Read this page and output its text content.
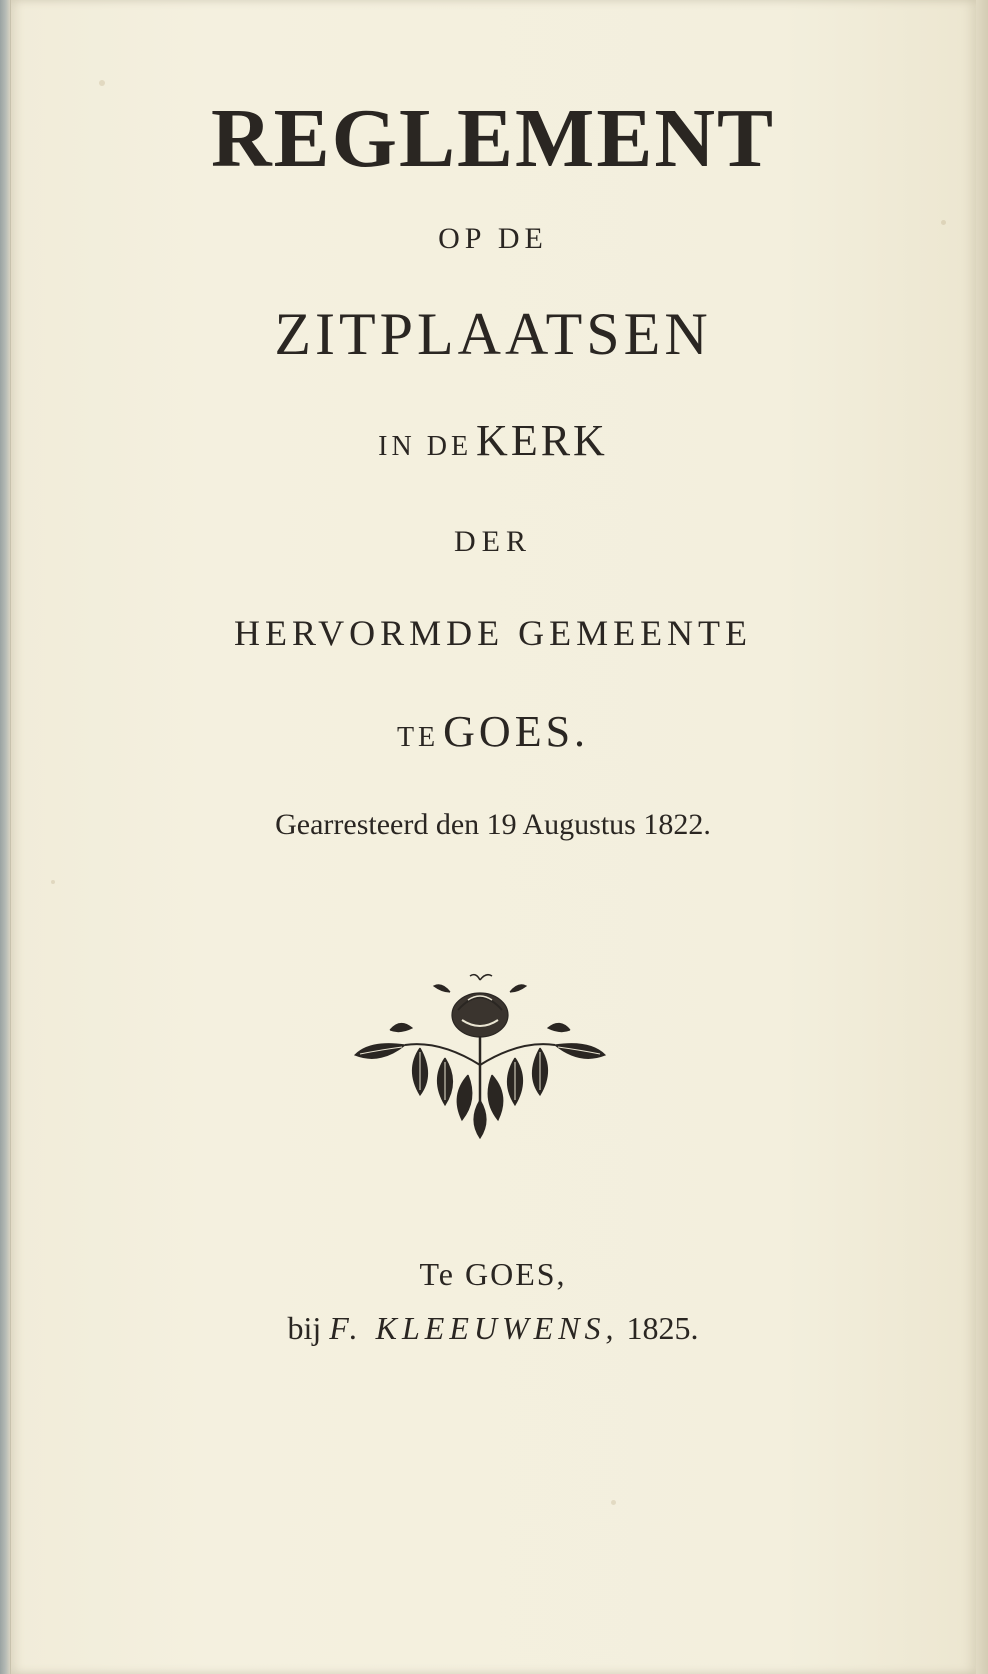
REGLEMENT
OP DE
ZITPLAATSEN
IN DE KERK
DER
HERVORMDE GEMEENTE
TE GOES.
Gearresteerd den 19 Augustus 1822.
Te GOES,
bij F. KLEEUWENS, 1825.
